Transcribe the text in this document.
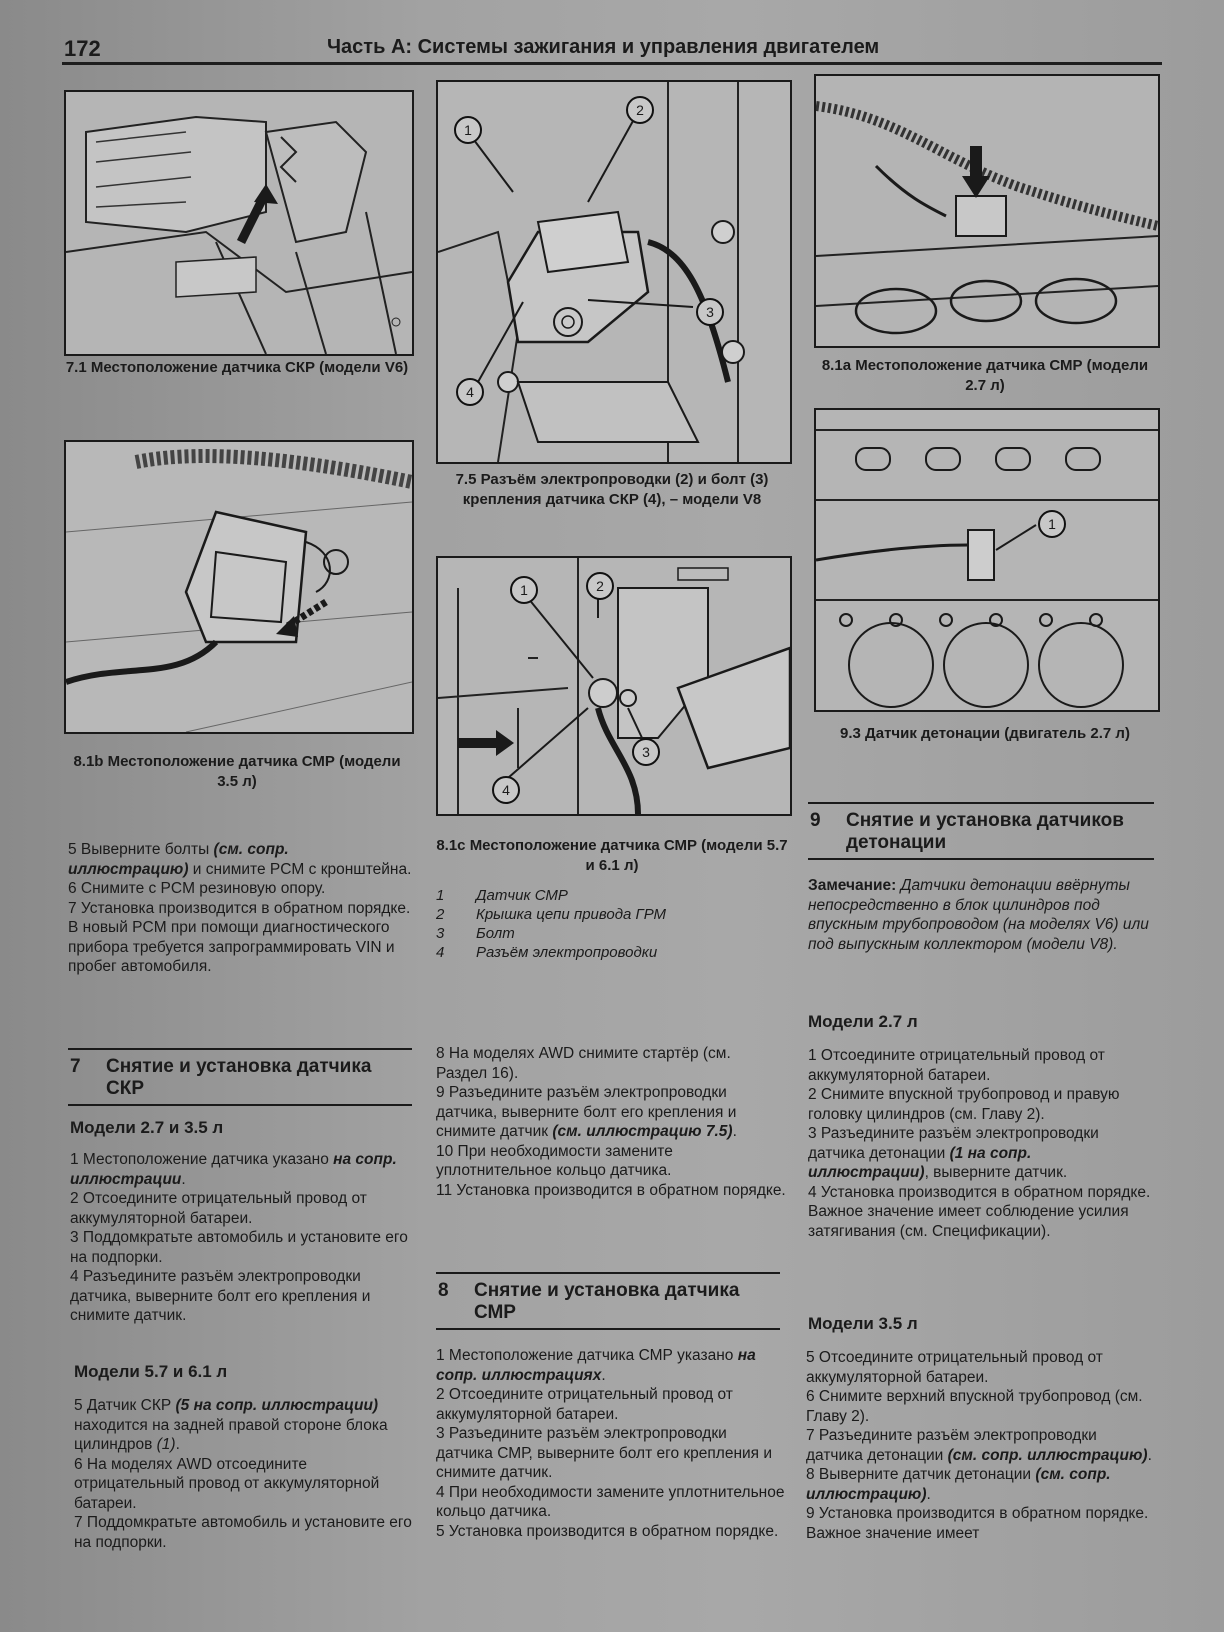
172	Часть А: Системы зажигания и управления двигателем
7.1 Местоположение датчика СКР (модели V6)
8.1b Местоположение датчика СМР (модели 3.5 л)
1
2
3
4
7.5 Разъём электропроводки (2) и болт (3) крепления датчика СКР (4), – модели V8
1	2
3
4
8.1с Местоположение датчика СМР (модели 5.7 и 6.1 л)
1	Датчик СМР
2	Крышка цепи привода ГРМ
3	Болт
4	Разъём электропроводки
8.1а Местоположение датчика СМР (модели 2.7 л)
1
9.3 Датчик детонации (двигатель 2.7 л)

5 Выверните болты (см. сопр. иллюстрацию) и снимите PCM с кронштейна.

6 Снимите с PCM резиновую опору.

7 Установка производится в обратном порядке. В новый PCM при помощи диагностического прибора требуется запрограммировать VIN и пробег автомобиля.

7 Снятие и установка датчика СКР
Модели 2.7 и 3.5 л

1 Местоположение датчика указано на сопр. иллюстрации.

2 Отсоедините отрицательный провод от аккумуляторной батареи.

3 Поддомкратьте автомобиль и установите его на подпорки.

4 Разъедините разъём электропроводки датчика, выверните болт его крепления и снимите датчик.

Модели 5.7 и 6.1 л

5 Датчик СКР (5 на сопр. иллюстрации) находится на задней правой стороне блока цилиндров (1).

6 На моделях AWD отсоедините отрицательный провод от аккумуляторной батареи.

7 Поддомкратьте автомобиль и установите его на подпорки.

8 На моделях AWD снимите стартёр (см. Раздел 16).

9 Разъедините разъём электропроводки датчика, выверните болт его крепления и снимите датчик (см. иллюстрацию 7.5).

10 При необходимости замените уплотнительное кольцо датчика.

11 Установка производится в обратном порядке.

8 Снятие и установка датчика СМР

1 Местоположение датчика СМР указано на сопр. иллюстрациях.

2 Отсоедините отрицательный провод от аккумуляторной батареи.

3 Разъедините разъём электропроводки датчика СМР, выверните болт его крепления и снимите датчик.

4 При необходимости замените уплотнительное кольцо датчика.

5 Установка производится в обратном порядке.

9 Снятие и установка датчиков детонации

Замечание: Датчики детонации ввёрнуты непосредственно в блок цилиндров под впускным трубопроводом (на моделях V6) или под выпускным коллектором (модели V8).

Модели 2.7 л

1 Отсоедините отрицательный провод от аккумуляторной батареи.

2 Снимите впускной трубопровод и правую головку цилиндров (см. Главу 2).

3 Разъедините разъём электропроводки датчика детонации (1 на сопр. иллюстрации), выверните датчик.

4 Установка производится в обратном порядке. Важное значение имеет соблюдение усилия затягивания (см. Спецификации).

Модели 3.5 л

5 Отсоедините отрицательный провод от аккумуляторной батареи.

6 Снимите верхний впускной трубопровод (см. Главу 2).

7 Разъедините разъём электропроводки датчика детонации (см. сопр. иллюстрацию).

8 Выверните датчик детонации (см. сопр. иллюстрацию).

9 Установка производится в обратном порядке. Важное значение имеет
